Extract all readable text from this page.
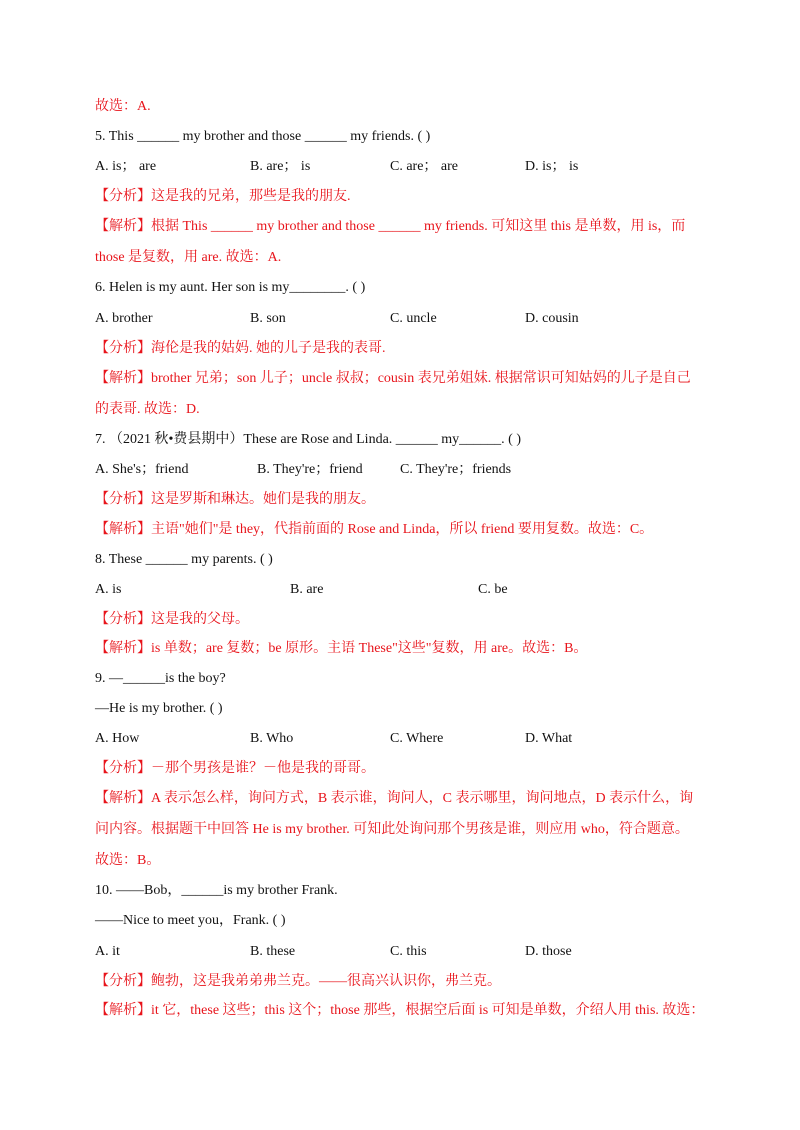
故选：A.
5. This ______ my brother and those ______ my friends. ( )
A. is； are	B. are； is	C. are； are	D. is； is
【分析】这是我的兄弟，那些是我的朋友.
【解析】根据 This ______ my brother and those ______ my friends. 可知这里 this 是单数，用 is，而
those 是复数，用 are. 故选：A.
6. Helen is my aunt. Her son is my________. ( )
A. brother	B. son	C. uncle	D. cousin
【分析】海伦是我的姑妈. 她的儿子是我的表哥.
【解析】brother 兄弟；son 儿子；uncle 叔叔；cousin 表兄弟姐妹. 根据常识可知姑妈的儿子是自己
的表哥. 故选：D.
7. （2021 秋•费县期中）These are Rose and Linda. ______ my______. ( )
A. She's；friend	B. They're；friend	C. They're；friends
【分析】这是罗斯和琳达。她们是我的朋友。
【解析】主语"她们"是 they，代指前面的 Rose and Linda，所以 friend 要用复数。故选：C。
8. These ______ my parents. ( )
A. is	B. are	C. be
【分析】这是我的父母。
【解析】is 单数；are 复数；be 原形。主语 These"这些"复数，用 are。故选：B。
9. —______is the boy?
—He is my brother. ( )
A. How	B. Who	C. Where	D. What
【分析】－那个男孩是谁？－他是我的哥哥。
【解析】A 表示怎么样，询问方式，B 表示谁，询问人，C 表示哪里，询问地点，D 表示什么，询
问内容。根据题干中回答 He is my brother. 可知此处询问那个男孩是谁，则应用 who，符合题意。
故选：B。
10. ——Bob，______is my brother Frank.
——Nice to meet you，Frank. ( )
A. it	B. these	C. this	D. those
【分析】鲍勃，这是我弟弟弗兰克。——很高兴认识你，弗兰克。
【解析】it 它，these 这些；this 这个；those 那些，根据空后面 is 可知是单数，介绍人用 this. 故选：
